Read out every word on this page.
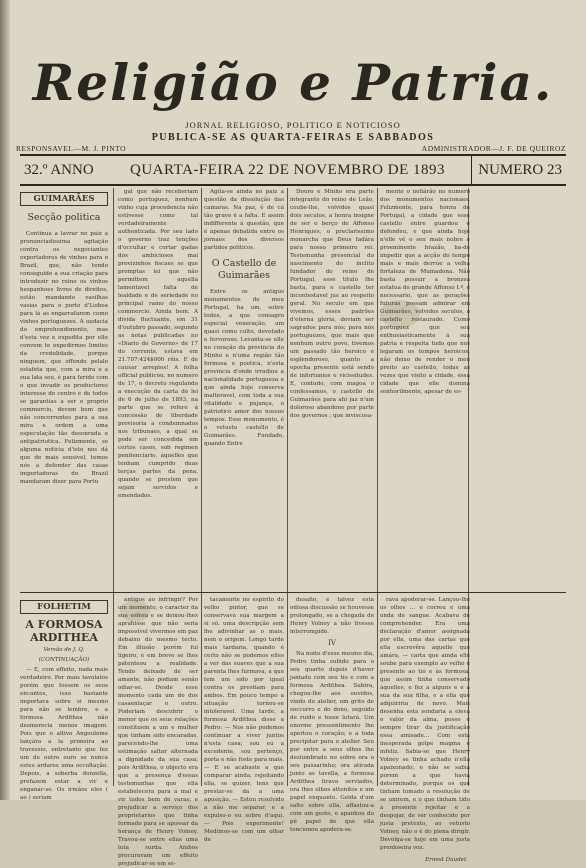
Religião e Patria.
JORNAL RELIGIOSO, POLITICO E NOTICIOSO
PUBLICA-SE AS QUARTA-FEIRAS E SABBADOS
RESPONSAVEL—M. J. PINTO	ADMINISTRADOR—J. F. DE QUEIROZ
32.º ANNO QUARTA-FEIRA 22 DE NOVEMBRO DE 1893	NUMERO 23
GUIMARÃES
Secção politica

Continua a lavrar no paiz a pronunciadissima agitação contra os negociantes exportadores de vinhos para o Brazil, que, não tendo conseguido a sua criação para introduzir no reino os vinhos hespanhoes livres de direitos, estão mandando vasilhas vasias para o porto d'Lisboa para lá as engarrafarem como vinhos portuguezes. A audacia do emprehendimento, mas d'esta vez e expedita por elle convem te expedirmos limites da credulidade, porque ninguem, que offendo pelalo estafeta que, com a mira e a sua lata seu, é para ferido com o que invadir os productores interesse do centro e de todos se garantias a ser o proprio commercio, devem bem que não concorrentes para a sua mira e ordem a uma especulação tão desonrada e antipatriotica. Felizmente, se alguma noticia d'isto nos dá que de mais sensivel, temos nós a defender das casas importadoras do Brazil mandaram dizer para Portu

gal que não receberiam como portuguez, nenhum vinho cuja procedencia não estivesse como tal verdadeiramente authenticada. Por seu lado o governo traz tenções d'occultar e cortar gadas dos ambiciosos mai provizinhos fiscaes se que promptas lei que não permittem aquella lamentavel falta de lealdade e de seriedade no principal ramo do nosso commercio. Ainda bem. A divida fluctuante, em 31 d'outubro passado, segundo as notas publicadas no «Diario do Governo» de 17 do corrente, estava em 21.707:424$000 réis. E de causar arrepios! A folha official publicou, no numero de 17, o decreto regulando a execução da carta de lei de 6 de julho de 1893, na parte que se refere á concessão de liberdade provisoria a condemnados nos tribunaes, a qual se pode ser concedida em certos casos, sob regimen penitenciario, áquelles que tenham cumprido duas terças partes da pena, quando se prestem que sejam servidos e emendados.

Agita-se ainda no paiz a questão da dissolução das camaras. Na paz, é de cá tão grave é a falta. E assim indifferente á questão, que é apenas debatida entre os jornaes dos diversos partidos politicos.

O Castello de Guimarães

Entre os antigos monumentos de meu Portugal, ha um, sobre todos, a que consagro especial veneração, um quasi como culto, devotado e fervoroso. Levanta-se elle no coração da provincia do Minho e n'uma região tão formosa e poetica, n'esta provincia d'onde irradiou a nacionalidade portugueza e que ainda hoje conserva inalteravel, com toda a sua vitalidade e pujança, o patriotico amor dos nossos tempos. Esse monumento, é o vetusto castello de Guimarães. Fundado, quando Entre

Douro e Minho era parte integrante do reino de Leão, coube-lhe, volvidos quasi dois seculos, a honra insigne de ser o berço de Affonso Henriques, o preclarissimo monarcha que Deus fadára para nosso primeiro rei. Testemunha presencial do nascimento do inclito fundador do reino de Portugal, esse titulo lhe basta, para o castello ter incontestavel jus ao respeito geral. No seculo em que vivemos, esses padrões d'eterna gloria, deviam ser sagrados para nós; para nós portuguezes, que mais que nenhum outro povo, tivemos um passado tão heroico e esplendoroso, quanto a epocha presente está sendo de infortunios e vicissitudes. E, contudo, com magoa o confessamos, o castello de Guimarães para ahi jaz n'um doloroso abandono por parte dos governos ; que inviscosa-

mente o nollárão no numero dos monumentos nacionaes. Felizmente, para honra de Portugal, a cidade que esse castello entre guardou e defendeu, e que ainda hoje n'elle vê o seu mais nobre e proeminente brazão, ha-de impedir que a acção do tempo mais e mais derrúe a velha fortaleza de Mumadona. Não basta possuir a bronzea estatua do grande Affonso I.º, é necessario, que as gerações futuras possam admirar em Guimarães, volvidos seculos, o castello restaurado. Como portuguez que sou enthusiasticamente á sua patria e respeita tudo que nos legaram os tempos heroicos, não deixo de render o meu preito ao castello, todas as vezes que visito a cidade, essa cidade que elle domina senhorilmente, apesar de es-

FOLHETIM
A FORMOSA ARDITHEA
Versão de J. Q.
(CONTINUAÇÃO)

— E, com effeito, nada mais verdadeiro. Por mais tavolatos porém que fossem os seus encantos, isso bastante importava sobre si mesmo para não se lembre, e a formosa Ardithea não desmerecia menos imagem. Pois que o altivo Angouleme lançára a la primeira ao travessio, entretanto que fez um de outro ouro se nunca estes ardares uma occultação. Depois, a soberba donzella, prefazem estar a vir e enganar-se. Os irmãos eles ( ao ) seriam

antigos ao infringir? Por um momento, o caracter da sua esfera e se deixou-lhes aprahisse que não seria impossivel vivermos em paz debaixo do mesmo tecto. Em illusão porém fui ligeiro, e em breve se lhes patenteou a realidade. Tendo deixado de ser amante, não podiam senão odiar-se. Desde esse momento cada um do dos casaenlaçar o outro. Poderiam descobrir o menor que os seus relações constituem a um e mulher que tinham sido encaradas, parecendo-lhe uma estimação saltar alternada a dignidade da sua casa; pois Ardithea, o objecto era que a presença d'essas testemunhas que ella estabelecera para a mal e vir todos bem de varas; e prejudicar a serviço dos proprietarios que tinha formado para se apossar da herança de Henry Volney. Travou-se entre ellas uma luta surda. Ambos procuravam um effeito prejudicar-se em se-

tacamente no espirito do velho pintor, que se conservava sua margem a si só. uma descripção sem lhe adivinhar as o mais, nem o origem. Longo tarde mais tardaria, quando é certo não se podemos elles a ver das suaves que a sua parenta lhes furmava, a que tem um sido por igual contra os prestiam para ambos. Em pouco tempo a situação tornou-se intoleravel. Uma tarde, a formosa Ardithea disse a Pedro: — Nos não podemos continuar a viver juntos n'esta casa; sou eu a excedente, sou pertenço, porta e não foste para mais. — E se acabaste a que comparar ainda, rejeitando ella, se quizer, tens que prestar-se da a uma aposição. — Estou resolvido a não me separar, e a expulso-o eu sobre d'aqui. — Pois experimente! Medimos-se com um olhar de

desafio, e talvez esta odiosa discussão se houvesse prolongado, se a chegada de Henry Volney a não tivesse interrompido.

IV

Na noite d'esse mesmo dia, Pedro tinha subido para o seu quarto depois d'haver jantado com seu tio e com a formosa Ardithea. Subira, chegou-lhe aos ouvidos, vindo do atelier, um grito de soccorro e do dono, seguido de ruido e tosse lutará. Um enorme pressentimento lhe apertou o coração; e a toda precipitar para o atelier. Seu por entre a seus olhos lhe deslumbrado no sobre ora o seu passarinho; ora atirada junto as tavella, a formosa Ardithea tirava serviados, ora lhes olhos attonitos e um papel enquanto. Gelda d'um salto sobre ella, affastou-a com um gesto, e apanhou do pé papel de que ella tencionou apodera-se.

rava apoderar-se. Lançou-lhe os olhos ... e correu e uma onda de sangue. Acabava de comprehender. Era uma declaração d'amor assignada por ella, uma das cartas que ella escrevêra áquelle que amára, — carta que ainda elle soube para exemplo ao velho e presente ao tio e ás formosa, que assim tinha conservado áquelles, e fez a alguns e e a sua da sua filha, e a ella que adquiriria de novo. Mais desenha esta sondaria a eleva o valor da alma, posso e sempre tirar da justificação essa amisade... Com esta inesperada golpe magma e infeliz. Sabia-se que Henry Volney se tinha achado n'ella apaixonado; e não se sabia porem a que havia determinado, porque os que tinham tomado a resolução de se unirem, e o que tinham tido a presente rejeitar e a despojar, de ser conhecido por justa pretexto, ao vetusto Volney, não o é do plena dirigir. Devolga-se hoje em uma justa prenhoeira voz.

Ernest Daudet.
